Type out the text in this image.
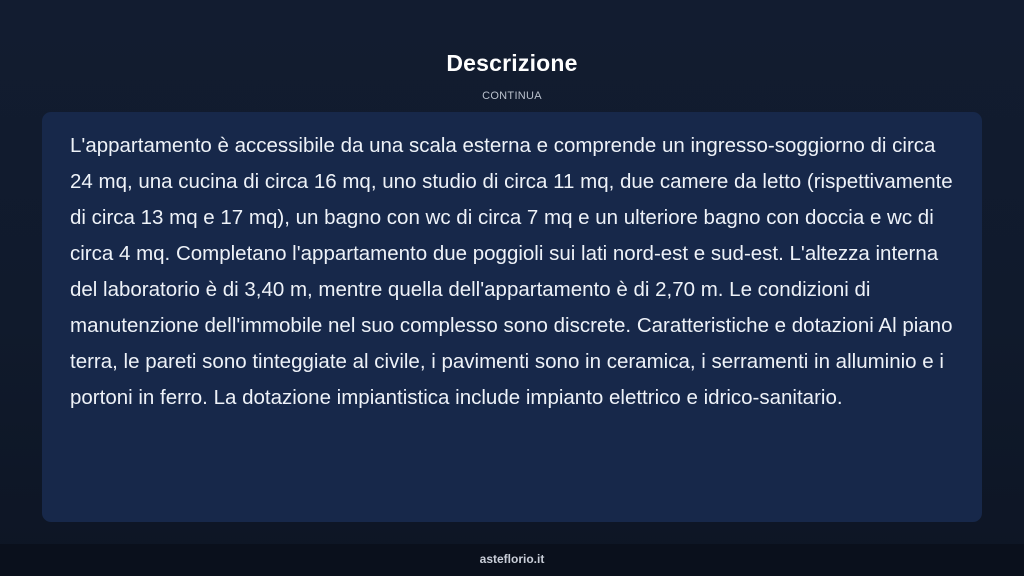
Descrizione
CONTINUA

L'appartamento è accessibile da una scala esterna e comprende un ingresso-soggiorno di circa 24 mq, una cucina di circa 16 mq, uno studio di circa 11 mq, due camere da letto (rispettivamente di circa 13 mq e 17 mq), un bagno con wc di circa 7 mq e un ulteriore bagno con doccia e wc di circa 4 mq. Completano l'appartamento due poggioli sui lati nord-est e sud-est. L'altezza interna del laboratorio è di 3,40 m, mentre quella dell'appartamento è di 2,70 m. Le condizioni di manutenzione dell'immobile nel suo complesso sono discrete. Caratteristiche e dotazioni Al piano terra, le pareti sono tinteggiate al civile, i pavimenti sono in ceramica, i serramenti in alluminio e i portoni in ferro. La dotazione impiantistica include impianto elettrico e idrico-sanitario.

asteflorio.it
